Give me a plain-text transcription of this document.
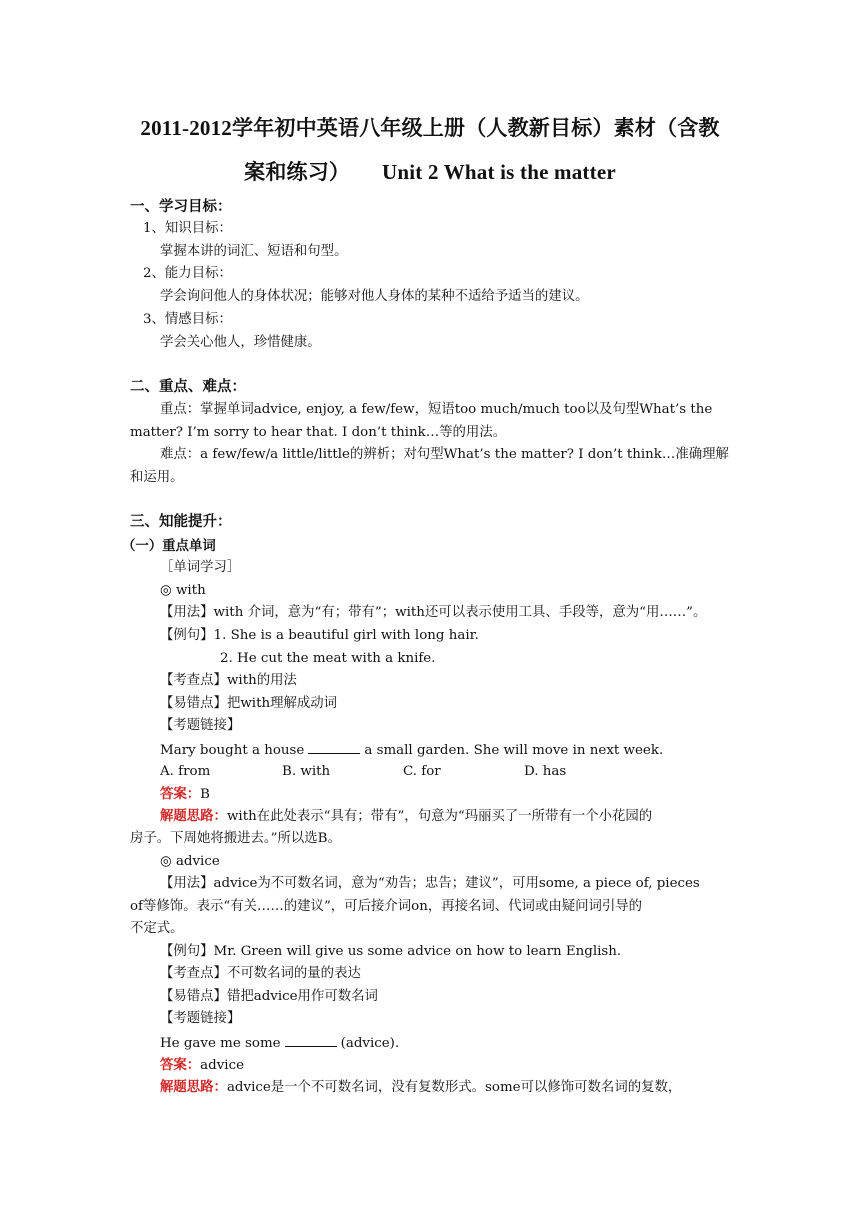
2011-2012学年初中英语八年级上册（人教新目标）素材（含教
案和练习）　　Unit 2 What is the matter
一、学习目标：
1、知识目标：
掌握本讲的词汇、短语和句型。
2、能力目标：
学会询问他人的身体状况；能够对他人身体的某种不适给予适当的建议。
3、情感目标：
学会关心他人，珍惜健康。
二、重点、难点：
重点：掌握单词advice, enjoy, a few/few，短语too much/much too以及句型What’s the
matter? I’m sorry to hear that. I don’t think…等的用法。
难点：a few/few/a little/little的辨析；对句型What’s the matter? I don’t think…准确理解
和运用。
三、知能提升：
（一）重点单词
［单词学习］
◎ with
【用法】with 介词，意为“有；带有”；with还可以表示使用工具、手段等，意为“用……”。
【例句】1. She is a beautiful girl with long hair.
2. He cut the meat with a knife.
【考查点】with的用法
【易错点】把with理解成动词
【考题链接】
Mary bought a house	a small garden. She will move in next week.
A. from	B. with	C. for	D. has
答案：B
解题思路：with在此处表示“具有；带有”，句意为“玛丽买了一所带有一个小花园的
房子。下周她将搬进去。”所以选B。
◎ advice
【用法】advice为不可数名词，意为“劝告；忠告；建议”，可用some, a piece of, pieces
of等修饰。表示“有关……的建议”，可后接介词on，再接名词、代词或由疑问词引导的
不定式。
【例句】Mr. Green will give us some advice on how to learn English.
【考查点】不可数名词的量的表达
【易错点】错把advice用作可数名词
【考题链接】
He gave me some	(advice).
答案：advice
解题思路：advice是一个不可数名词，没有复数形式。some可以修饰可数名词的复数，
